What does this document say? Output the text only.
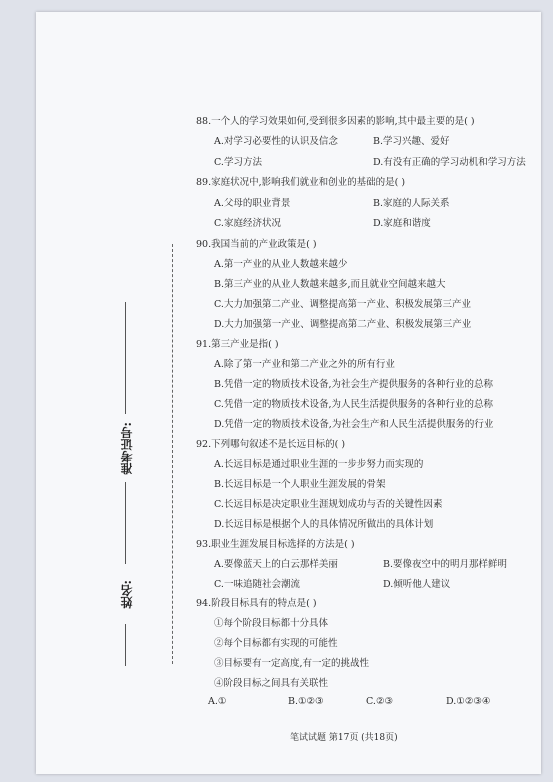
姓名:
准考证号:
88.一个人的学习效果如何,受到很多因素的影响,其中最主要的是( )
A.对学习必要性的认识及信念	B.学习兴趣、爱好
C.学习方法	D.有没有正确的学习动机和学习方法
89.家庭状况中,影响我们就业和创业的基础的是( )
A.父母的职业背景	B.家庭的人际关系
C.家庭经济状况	D.家庭和谐度
90.我国当前的产业政策是( )
A.第一产业的从业人数越来越少
B.第三产业的从业人数越来越多,而且就业空间越来越大
C.大力加强第二产业、调整提高第一产业、积极发展第三产业
D.大力加强第一产业、调整提高第二产业、积极发展第三产业
91.第三产业是指( )
A.除了第一产业和第二产业之外的所有行业
B.凭借一定的物质技术设备,为社会生产提供服务的各种行业的总称
C.凭借一定的物质技术设备,为人民生活提供服务的各种行业的总称
D.凭借一定的物质技术设备,为社会生产和人民生活提供服务的行业
92.下列哪句叙述不是长远目标的( )
A.长远目标是通过职业生涯的一步步努力而实现的
B.长远目标是一个人职业生涯发展的骨架
C.长远目标是决定职业生涯规划成功与否的关键性因素
D.长远目标是根据个人的具体情况所做出的具体计划
93.职业生涯发展目标选择的方法是( )
A.要像蓝天上的白云那样美丽	B.要像夜空中的明月那样鲜明
C.一味追随社会潮流	D.倾听他人建议
94.阶段目标具有的特点是( )
①每个阶段目标都十分具体
②每个目标都有实现的可能性
③目标要有一定高度,有一定的挑战性
④阶段目标之间具有关联性
A.①	B.①②③	C.②③	D.①②③④
笔试试题 第17页 (共18页)
